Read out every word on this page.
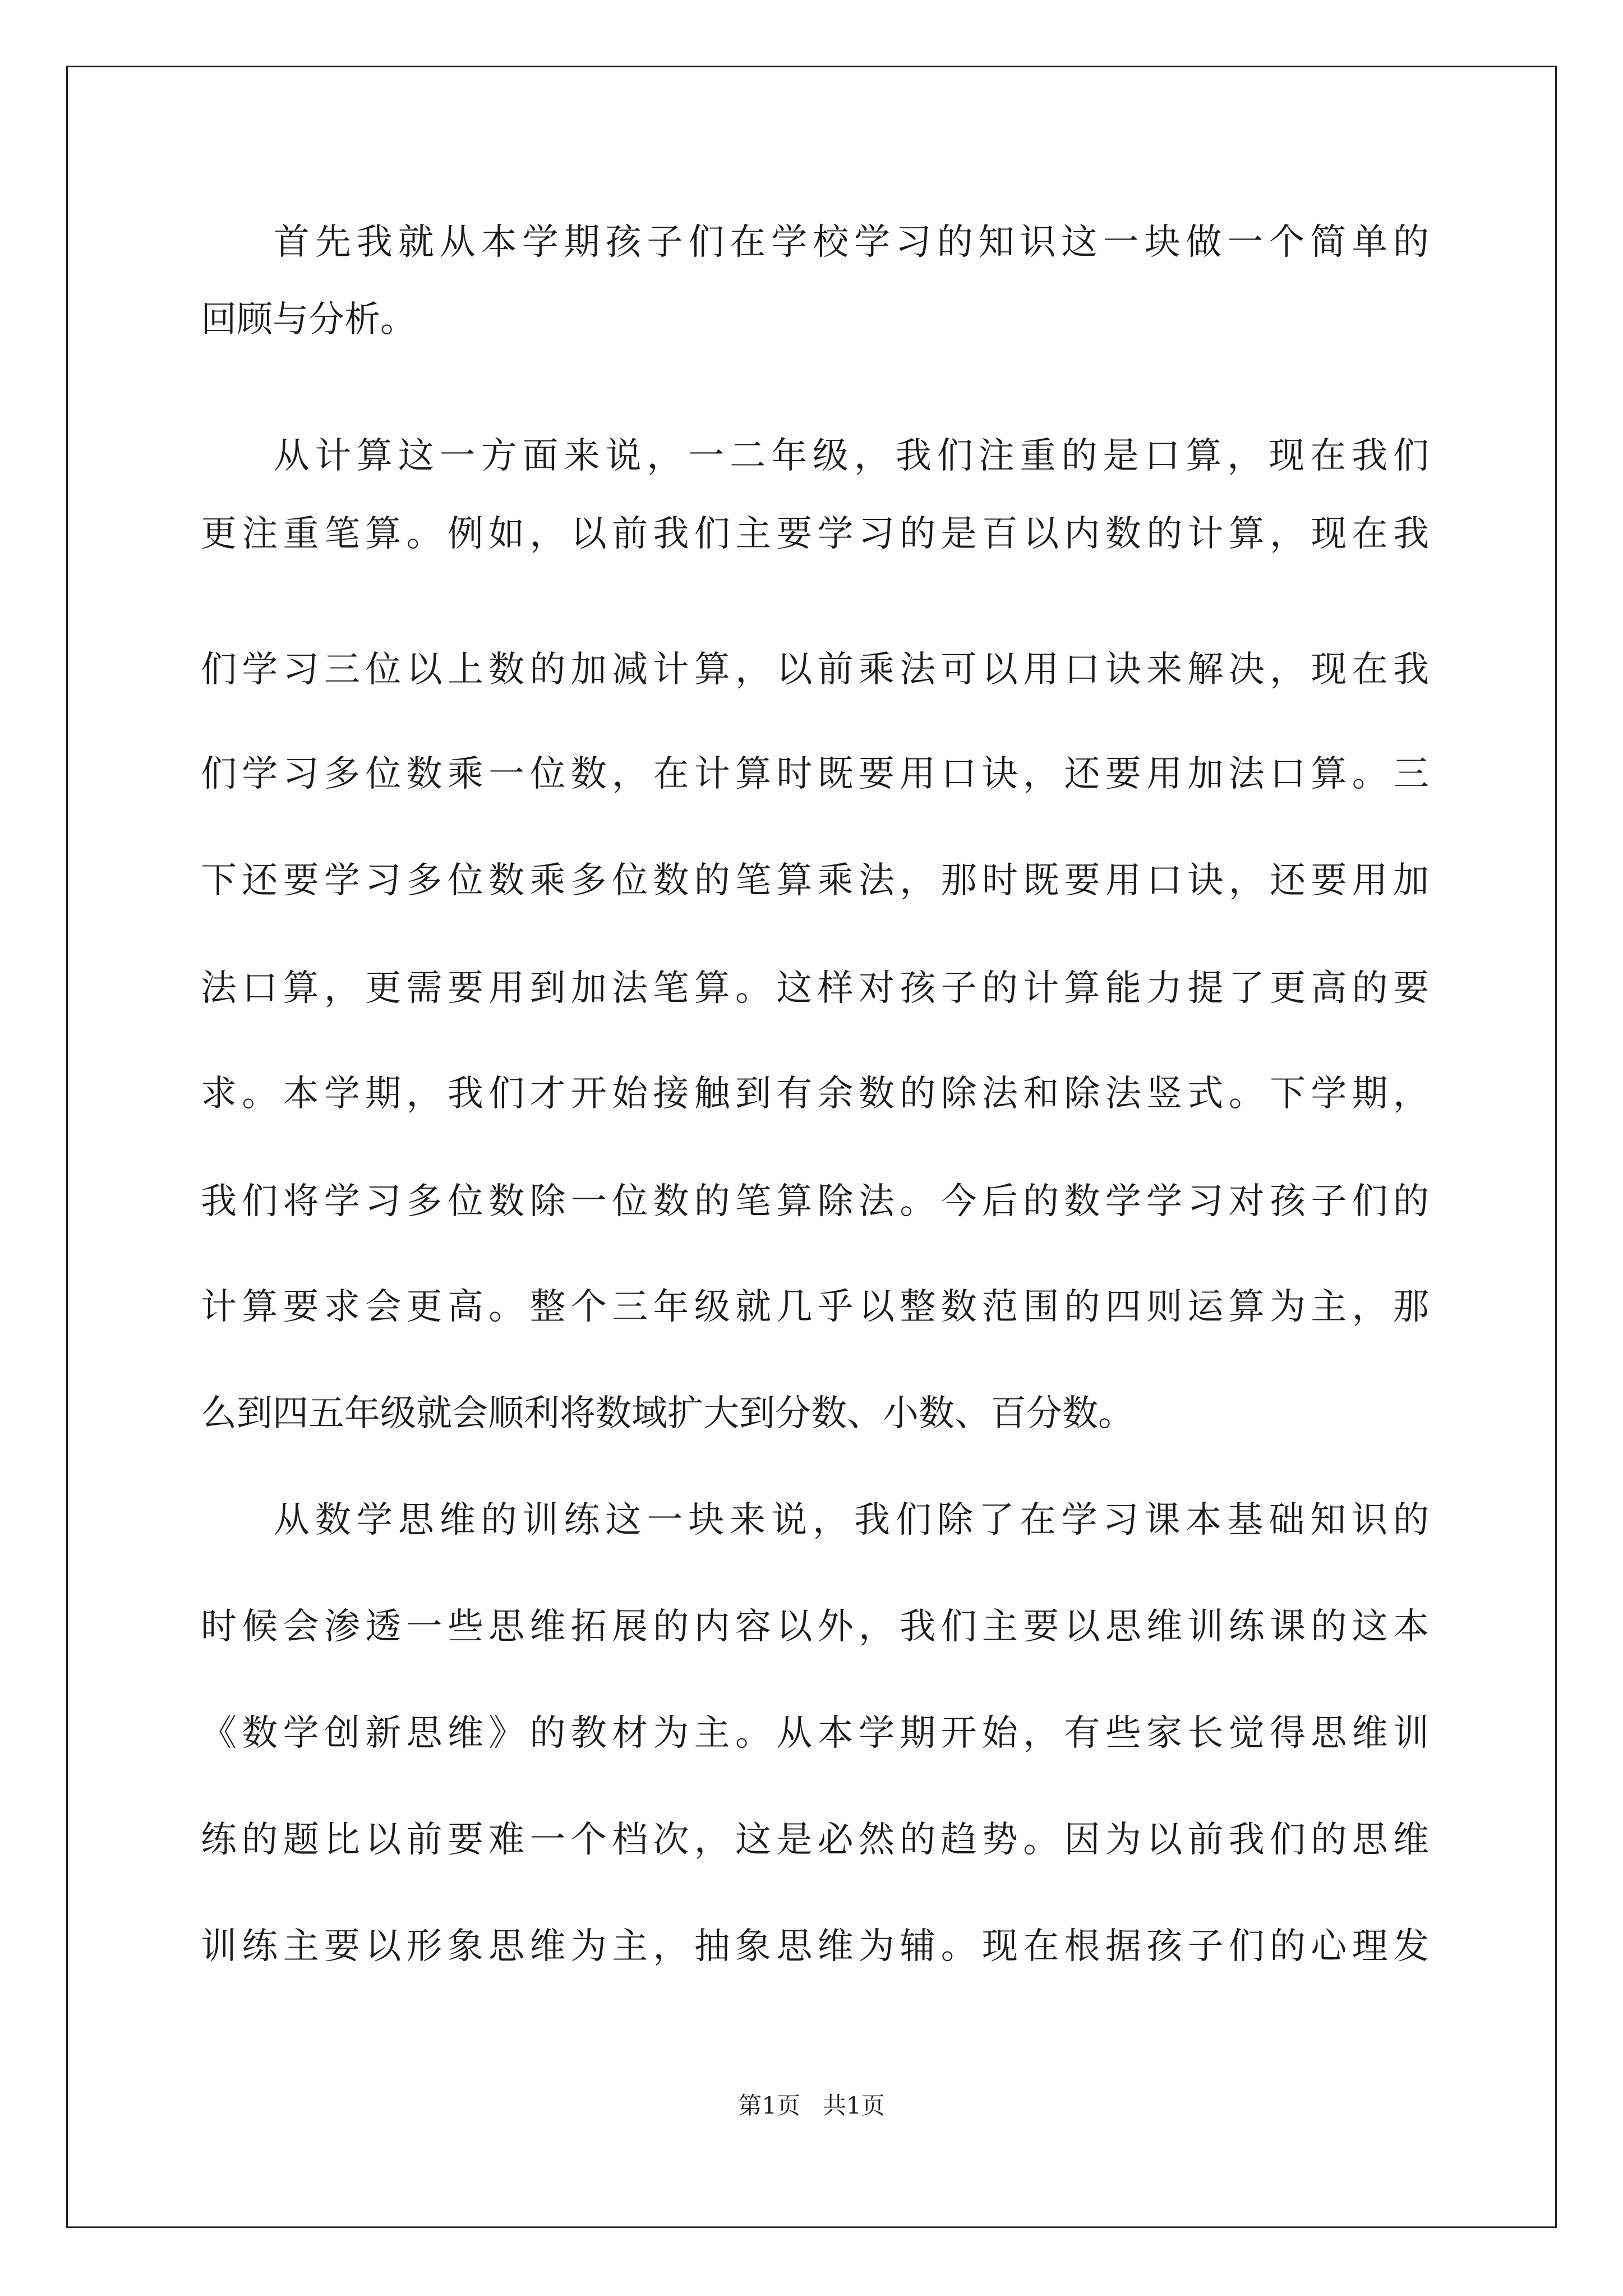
首先我就从本学期孩子们在学校学习的知识这一块做一个简单的
回顾与分析。
从计算这一方面来说，一二年级，我们注重的是口算，现在我们
更注重笔算。例如，以前我们主要学习的是百以内数的计算，现在我
们学习三位以上数的加减计算，以前乘法可以用口诀来解决，现在我
们学习多位数乘一位数，在计算时既要用口诀，还要用加法口算。三
下还要学习多位数乘多位数的笔算乘法，那时既要用口诀，还要用加
法口算，更需要用到加法笔算。这样对孩子的计算能力提了更高的要
求。本学期，我们才开始接触到有余数的除法和除法竖式。下学期，
我们将学习多位数除一位数的笔算除法。今后的数学学习对孩子们的
计算要求会更高。整个三年级就几乎以整数范围的四则运算为主，那
么到四五年级就会顺利将数域扩大到分数、小数、百分数。
从数学思维的训练这一块来说，我们除了在学习课本基础知识的
时候会渗透一些思维拓展的内容以外，我们主要以思维训练课的这本
《数学创新思维》的教材为主。从本学期开始，有些家长觉得思维训
练的题比以前要难一个档次，这是必然的趋势。因为以前我们的思维
训练主要以形象思维为主，抽象思维为辅。现在根据孩子们的心理发
第1页   共1页
